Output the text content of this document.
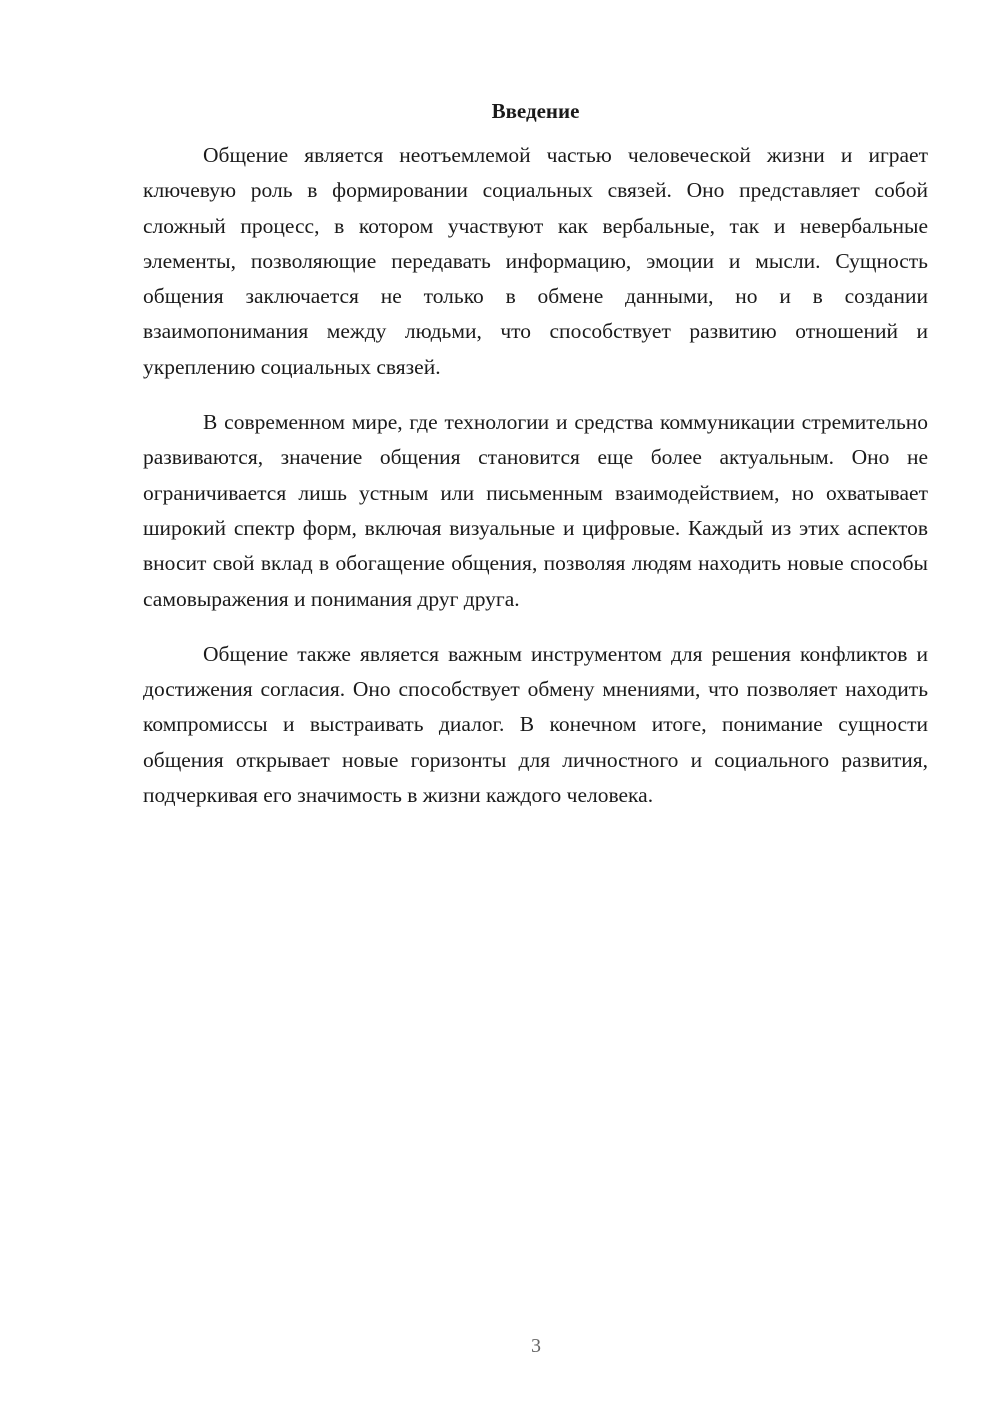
Введение

Общение является неотъемлемой частью человеческой жизни и играет ключевую роль в формировании социальных связей. Оно представляет собой сложный процесс, в котором участвуют как вербальные, так и невербальные элементы, позволяющие передавать информацию, эмоции и мысли. Сущность общения заключается не только в обмене данными, но и в создании взаимопонимания между людьми, что способствует развитию отношений и укреплению социальных связей.

В современном мире, где технологии и средства коммуникации стремительно развиваются, значение общения становится еще более актуальным. Оно не ограничивается лишь устным или письменным взаимодействием, но охватывает широкий спектр форм, включая визуальные и цифровые. Каждый из этих аспектов вносит свой вклад в обогащение общения, позволяя людям находить новые способы самовыражения и понимания друг друга.

Общение также является важным инструментом для решения конфликтов и достижения согласия. Оно способствует обмену мнениями, что позволяет находить компромиссы и выстраивать диалог. В конечном итоге, понимание сущности общения открывает новые горизонты для личностного и социального развития, подчеркивая его значимость в жизни каждого человека.

3
